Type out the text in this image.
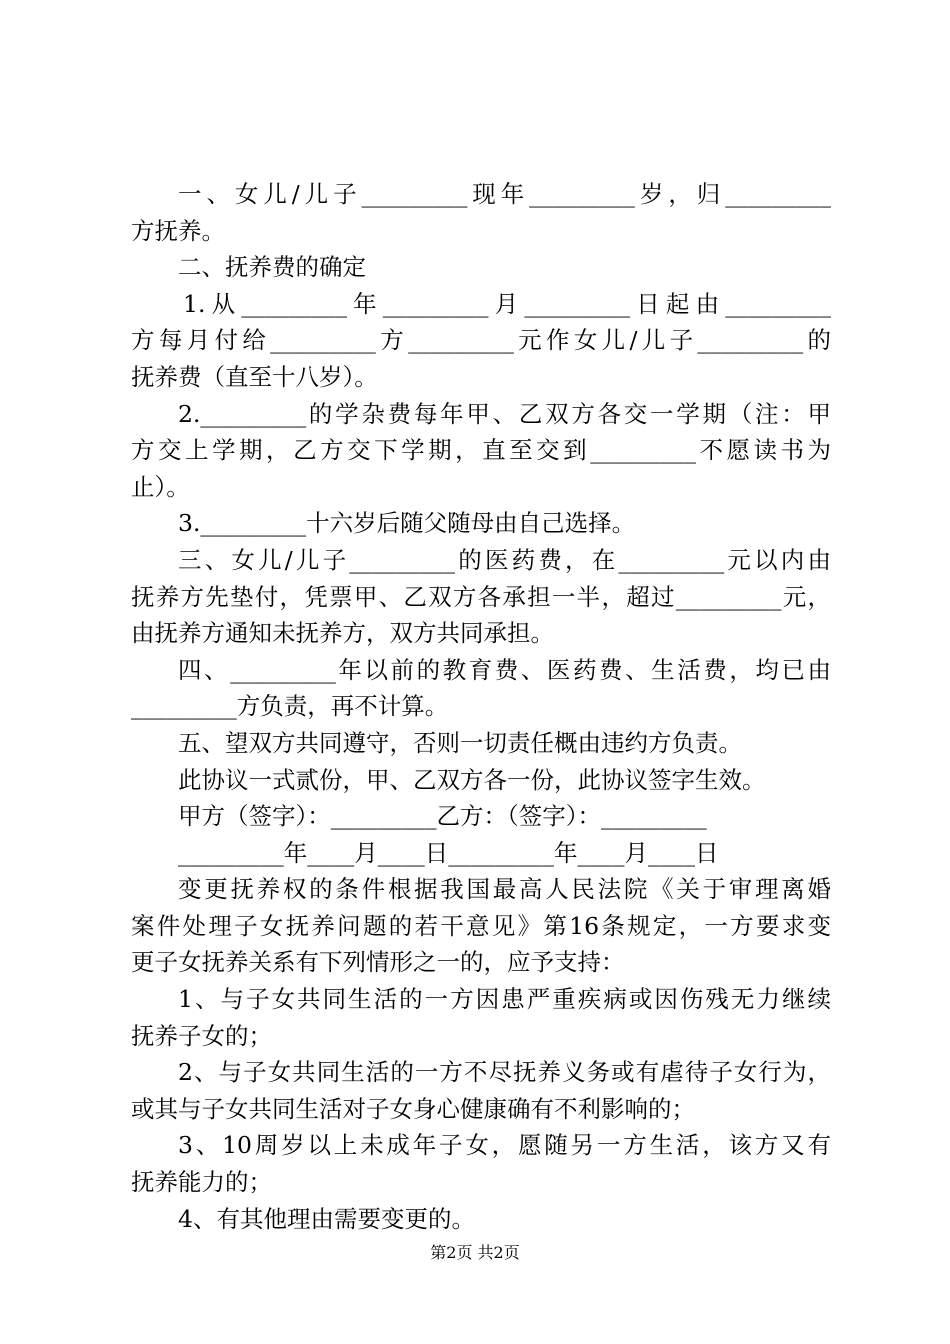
一、女儿/儿子_________现年_________岁，归_________
方抚养。
二、抚养费的确定
1.从_________年_________月_________日起由_________
方每月付给_________方_________元作女儿/儿子_________的
抚养费（直至十八岁）。
2._________的学杂费每年甲、乙双方各交一学期（注：甲
方交上学期，乙方交下学期，直至交到_________不愿读书为
止）。
3._________十六岁后随父随母由自己选择。
三、女儿/儿子_________的医药费，在_________元以内由
抚养方先垫付，凭票甲、乙双方各承担一半，超过_________元，
由抚养方通知未抚养方，双方共同承担。
四、_________年以前的教育费、医药费、生活费，均已由
_________方负责，再不计算。
五、望双方共同遵守，否则一切责任概由违约方负责。
此协议一式贰份，甲、乙双方各一份，此协议签字生效。
甲方（签字）：_________乙方：（签字）：_________
_________年____月____日_________年____月____日
变更抚养权的条件根据我国最高人民法院《关于审理离婚
案件处理子女抚养问题的若干意见》第16条规定，一方要求变
更子女抚养关系有下列情形之一的，应予支持：
1、与子女共同生活的一方因患严重疾病或因伤残无力继续
抚养子女的；
2、与子女共同生活的一方不尽抚养义务或有虐待子女行为，
或其与子女共同生活对子女身心健康确有不利影响的；
3、10周岁以上未成年子女，愿随另一方生活，该方又有
抚养能力的；
4、有其他理由需要变更的。
第2页 共2页
